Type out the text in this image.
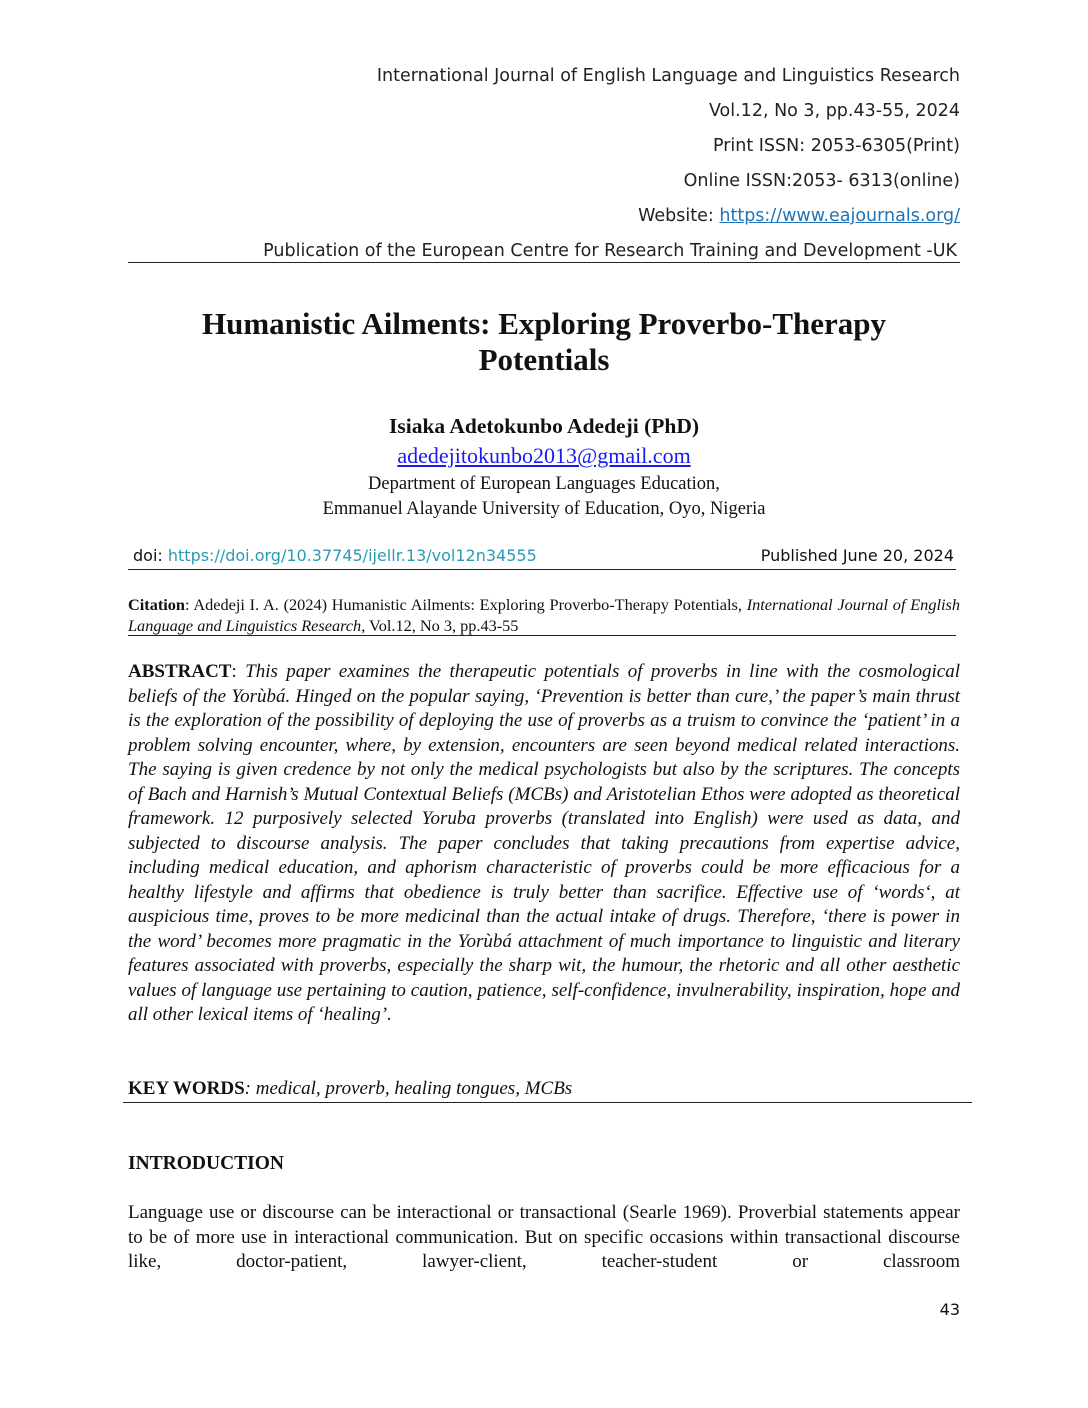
International Journal of English Language and Linguistics Research
Vol.12, No 3, pp.43-55, 2024
Print ISSN: 2053-6305(Print)
Online ISSN:2053- 6313(online)
Website: https://www.eajournals.org/
Publication of the European Centre for Research Training and Development -UK
Humanistic Ailments: Exploring Proverbo-Therapy
Potentials
Isiaka Adetokunbo Adedeji (PhD)
adedejitokunbo2013@gmail.com
Department of European Languages Education,
Emmanuel Alayande University of Education, Oyo, Nigeria
doi: https://doi.org/10.37745/ijellr.13/vol12n34555	Published June 20, 2024
Citation: Adedeji I. A. (2024) Humanistic Ailments: Exploring Proverbo-Therapy Potentials, International Journal of English Language and Linguistics Research, Vol.12, No 3, pp.43-55
ABSTRACT: This paper examines the therapeutic potentials of proverbs in line with the cosmological beliefs of the Yorùbá. Hinged on the popular saying, ‘Prevention is better than cure,’ the paper’s main thrust is the exploration of the possibility of deploying the use of proverbs as a truism to convince the ‘patient’ in a problem solving encounter, where, by extension, encounters are seen beyond medical related interactions. The saying is given credence by not only the medical psychologists but also by the scriptures. The concepts of Bach and Harnish’s Mutual Contextual Beliefs (MCBs) and Aristotelian Ethos were adopted as theoretical framework. 12 purposively selected Yoruba proverbs (translated into English) were used as data, and subjected to discourse analysis. The paper concludes that taking precautions from expertise advice, including medical education, and aphorism characteristic of proverbs could be more efficacious for a healthy lifestyle and affirms that obedience is truly better than sacrifice. Effective use of ‘words‘, at auspicious time, proves to be more medicinal than the actual intake of drugs. Therefore, ‘there is power in the word’ becomes more pragmatic in the Yorùbá attachment of much importance to linguistic and literary features associated with proverbs, especially the sharp wit, the humour, the rhetoric and all other aesthetic values of language use pertaining to caution, patience, self-confidence, invulnerability, inspiration, hope and all other lexical items of ‘healing’.
KEY WORDS: medical, proverb, healing tongues, MCBs
INTRODUCTION
Language use or discourse can be interactional or transactional (Searle 1969). Proverbial statements appear to be of more use in interactional communication. But on specific occasions within transactional discourse like, doctor-patient, lawyer-client, teacher-student or classroom
43
